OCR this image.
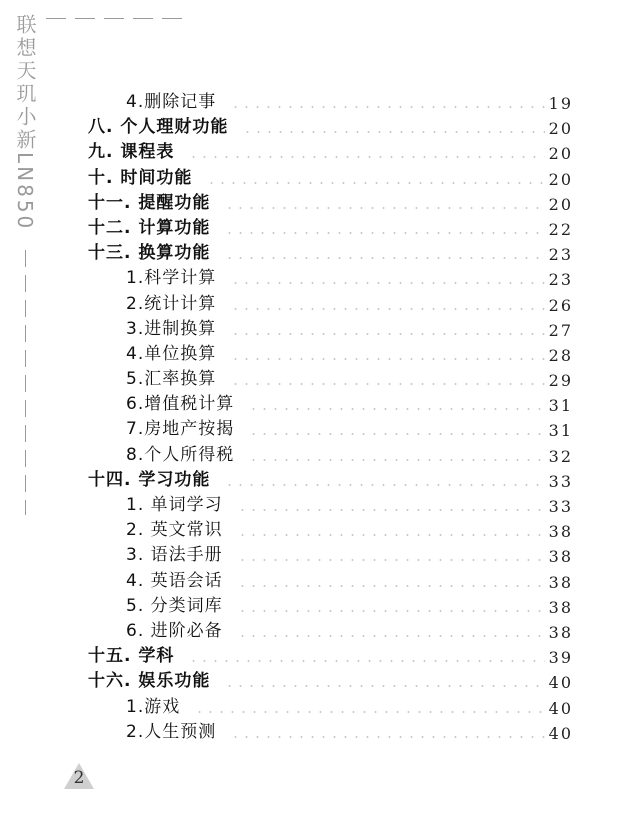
联想天玑小新LN850	4.删除记事	19
八. 个人理财功能	20
九. 课程表	20
十. 时间功能	20
十一. 提醒功能	20
十二. 计算功能	22
十三. 换算功能	23
1.科学计算	23
2.统计计算	26
3.进制换算	27
4.单位换算	28
5.汇率换算	29
6.增值税计算	31
7.房地产按揭	31
8.个人所得税	32
十四. 学习功能	33
1. 单词学习	33
2. 英文常识	38
3. 语法手册	38
4. 英语会话	38
5. 分类词库	38
6. 进阶必备	38
十五. 学科	39
十六. 娱乐功能	40
1.游戏	40
2.人生预测	40
2
